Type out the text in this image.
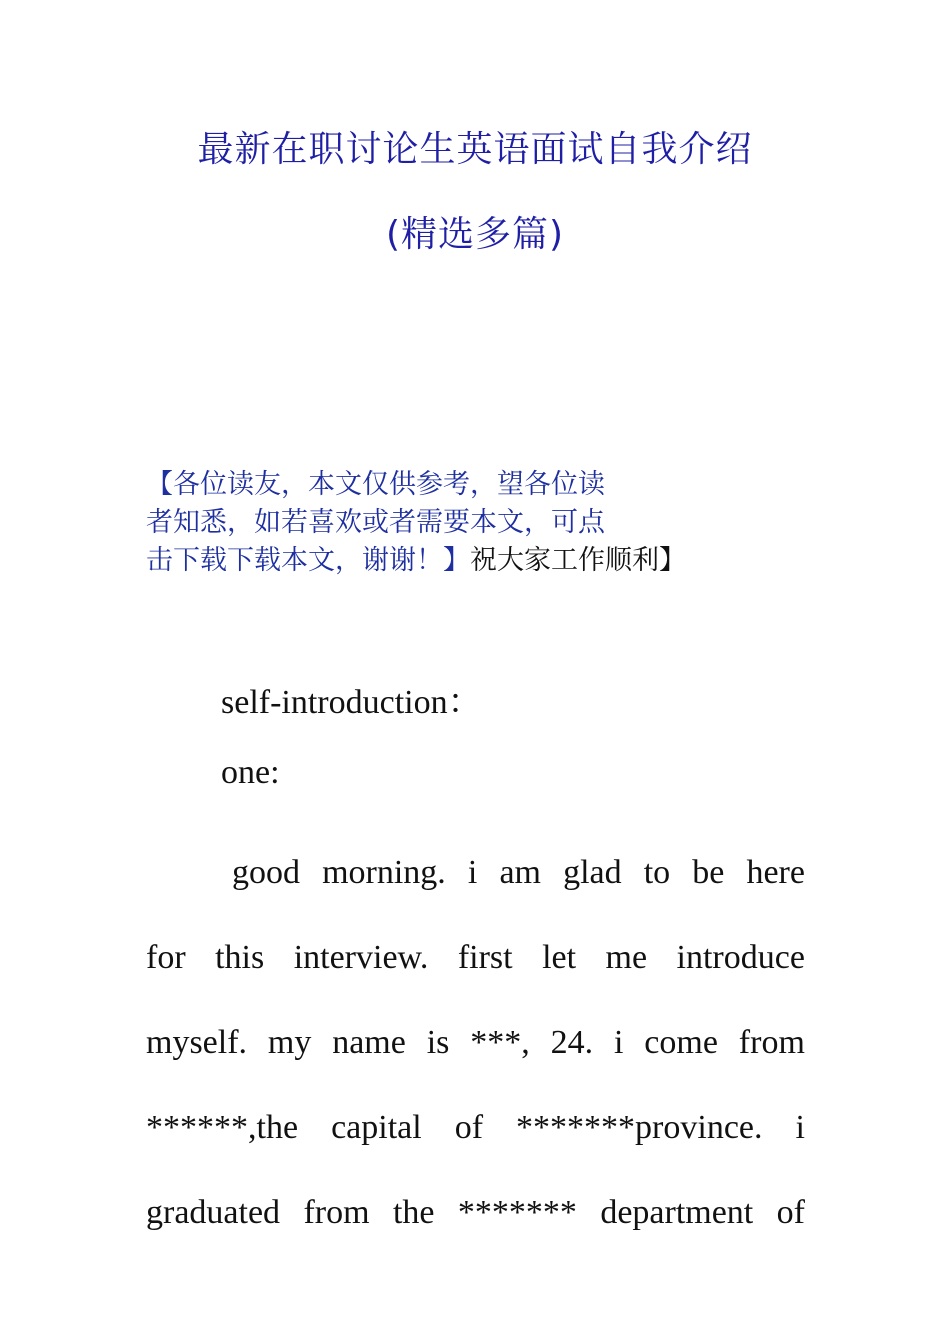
最新在职讨论生英语面试自我介绍
(精选多篇)
【各位读友，本文仅供参考，望各位读
者知悉，如若喜欢或者需要本文，可点
击下载下载本文，谢谢！】祝大家工作顺利】
self-introduction：
one:
good morning. i am glad to be here
for this interview. first let me introduce
myself. my name is ***, 24. i come from
******,the capital of *******province. i
graduated from the ******* department of
